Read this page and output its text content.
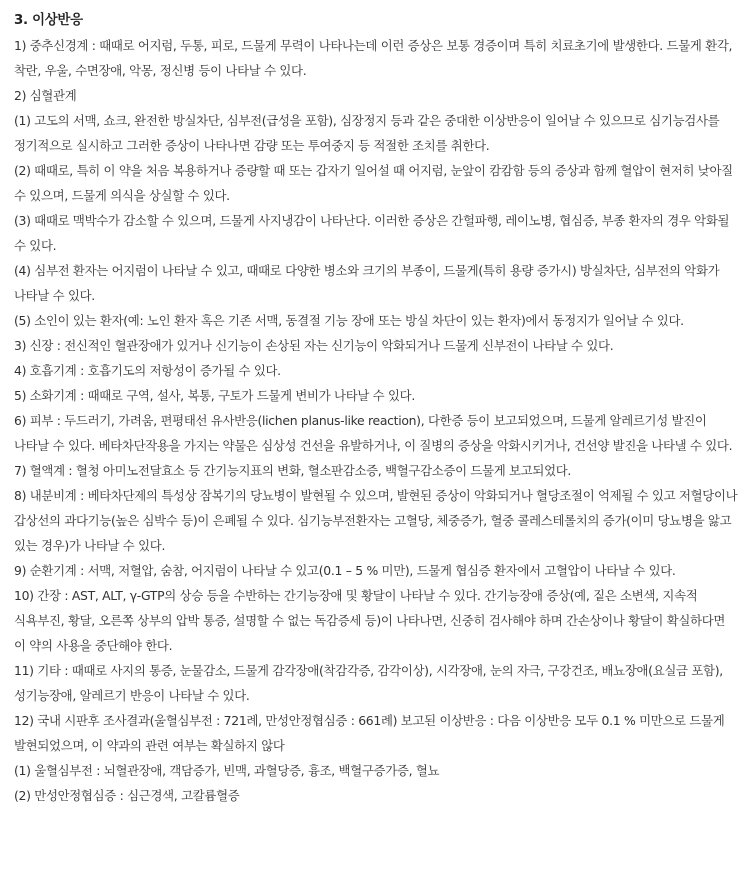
3. 이상반응
1) 중추신경계 : 때때로 어지럼, 두통, 피로, 드물게 무력이 나타나는데 이런 증상은 보통 경증이며 특히 치료초기에 발생한다. 드물게 환각, 착란, 우울, 수면장애, 악몽, 정신병 등이 나타날 수 있다.
2) 심혈관계
(1) 고도의 서맥, 쇼크, 완전한 방실차단, 심부전(급성을 포함), 심장정지 등과 같은 중대한 이상반응이 일어날 수 있으므로 심기능검사를 정기적으로 실시하고 그러한 증상이 나타나면 감량 또는 투여중지 등 적절한 조치를 취한다.
(2) 때때로, 특히 이 약을 처음 복용하거나 증량할 때 또는 갑자기 일어설 때 어지럼, 눈앞이 캄캄함 등의 증상과 함께 혈압이 현저히 낮아질 수 있으며, 드물게 의식을 상실할 수 있다.
(3) 때때로 맥박수가 감소할 수 있으며, 드물게 사지냉감이 나타난다. 이러한 증상은 간헐파행, 레이노병, 협심증, 부종 환자의 경우 악화될 수 있다.
(4) 심부전 환자는 어지럼이 나타날 수 있고, 때때로 다양한 병소와 크기의 부종이, 드물게(특히 용량 증가시) 방실차단, 심부전의 악화가 나타날 수 있다.
(5) 소인이 있는 환자(예: 노인 환자 혹은 기존 서맥, 동결절 기능 장애 또는 방실 차단이 있는 환자)에서 동정지가 일어날 수 있다.
3) 신장 : 전신적인 혈관장애가 있거나 신기능이 손상된 자는 신기능이 악화되거나 드물게 신부전이 나타날 수 있다.
4) 호흡기계 : 호흡기도의 저항성이 증가될 수 있다.
5) 소화기계 : 때때로 구역, 설사, 복통, 구토가 드물게 변비가 나타날 수 있다.
6) 피부 : 두드러기, 가려움, 편평태선 유사반응(lichen planus-like reaction), 다한증 등이 보고되었으며, 드물게 알레르기성 발진이 나타날 수 있다. 베타차단작용을 가지는 약물은 심상성 건선을 유발하거나, 이 질병의 증상을 악화시키거나, 건선양 발진을 나타낼 수 있다.
7) 혈액계 : 혈청 아미노전달효소 등 간기능지표의 변화, 혈소판감소증, 백혈구감소증이 드물게 보고되었다.
8) 내분비계 : 베타차단제의 특성상 잠복기의 당뇨병이 발현될 수 있으며, 발현된 증상이 악화되거나 혈당조절이 억제될 수 있고 저혈당이나 갑상선의 과다기능(높은 심박수 등)이 은폐될 수 있다. 심기능부전환자는 고혈당, 체중증가, 혈중 콜레스테롤치의 증가(이미 당뇨병을 앓고 있는 경우)가 나타날 수 있다.
9) 순환기계 : 서맥, 저혈압, 숨참, 어지럼이 나타날 수 있고(0.1 – 5 % 미만), 드물게 협심증 환자에서 고혈압이 나타날 수 있다.
10) 간장 : AST, ALT, γ-GTP의 상승 등을 수반하는 간기능장애 및 황달이 나타날 수 있다. 간기능장애 증상(예, 짙은 소변색, 지속적 식욕부진, 황달, 오른쪽 상부의 압박 통증, 설명할 수 없는 독감증세 등)이 나타나면, 신중히 검사해야 하며 간손상이나 황달이 확실하다면 이 약의 사용을 중단해야 한다.
11) 기타 : 때때로 사지의 통증, 눈물감소, 드물게 감각장애(착감각증, 감각이상), 시각장애, 눈의 자극, 구강건조, 배뇨장애(요실금 포함), 성기능장애, 알레르기 반응이 나타날 수 있다.
12) 국내 시판후 조사결과(울혈심부전 : 721례, 만성안정협심증 : 661례) 보고된 이상반응 : 다음 이상반응 모두 0.1 % 미만으로 드물게 발현되었으며, 이 약과의 관련 여부는 확실하지 않다
(1) 울혈심부전 : 뇌혈관장애, 객담증가, 빈맥, 과혈당증, 흉조, 백혈구증가증, 혈뇨
(2) 만성안정협심증 : 심근경색, 고칼륨혈증
